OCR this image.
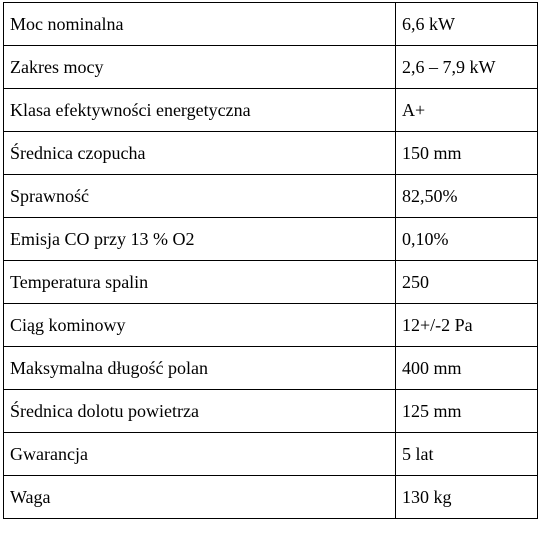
Moc nominalna	6,6 kW
Zakres mocy	2,6 – 7,9 kW
Klasa efektywności energetyczna	A+
Średnica czopucha	150 mm
Sprawność	82,50%
Emisja CO przy 13 % O2	0,10%
Temperatura spalin	250
Ciąg kominowy	12+/-2 Pa
Maksymalna długość polan	400 mm
Średnica dolotu powietrza	125 mm
Gwarancja	5 lat
Waga	130 kg
